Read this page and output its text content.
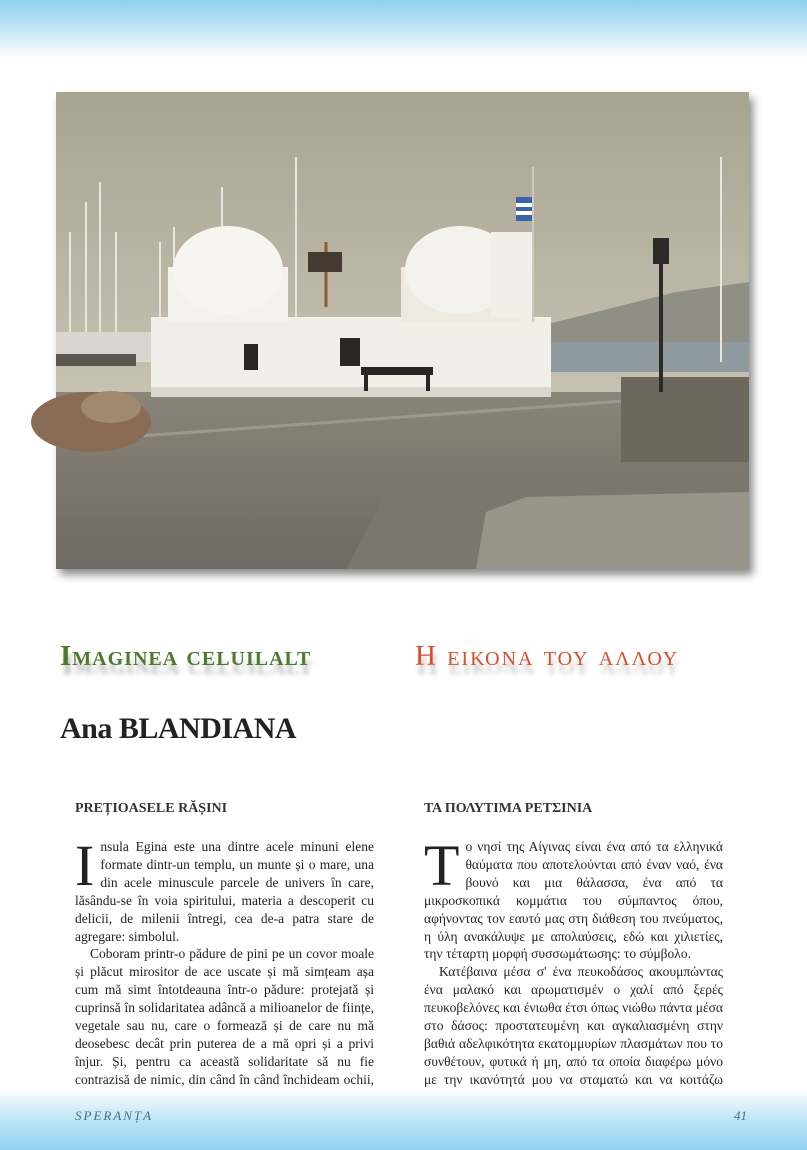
Imaginea celuilalt	Η εικονα του αλλου
Ana BLANDIANA
PREȚIOASELE RĂȘINI	ΤΑ ΠΟΛΥΤΙΜΑ ΡΕΤΣΙΝΙΑ

Insula Egina este una dintre acele minuni elene formate dintr-un templu, un munte și o mare, una din acele minuscule parcele de univers în care, lăsându-se în voia spiritului, materia a descoperit cu delicii, de milenii întregi, cea de-a patra stare de agregare: simbolul.

Coboram printr-o pădure de pini pe un covor moale și plăcut mirositor de ace uscate și mă simțeam așa cum mă simt întotdeauna într-o pădure: protejată și cuprinsă în solidaritatea adâncă a milioanelor de ființe, vegetale sau nu, care o formează și de care nu mă deosebesc decât prin puterea de a mă opri și a privi înjur. Și, pentru ca această solidaritate să nu fie contrazisă de nimic, din când în când închideam ochii,

Το νησί της Αίγινας είναι ένα από τα ελληνικά θαύματα που αποτελούνται από έναν ναό, ένα βουνό και μια θάλασσα, ένα από τα μικροσκοπικά κομμάτια του σύμπαντος όπου, αφήνοντας τον εαυτό μας στη διάθεση του πνεύματος, η ύλη ανακάλυψε με απολαύσεις, εδώ και χιλιετίες, την τέταρτη μορφή συσσωμάτωσης: το σύμβολο.

Κατέβαινα μέσα σ' ένα πευκοδάσος ακουμπώντας ένα μαλακό και αρωματισμέν ο χαλί από ξερές πευκοβελόνες και ένιωθα έτσι όπως νιώθω πάντα μέσα στο δάσος: προστατευμένη και αγκαλιασμένη στην βαθιά αδελφικότητα εκατομμυρίων πλασμάτων που το συνθέτουν, φυτικά ή μη, από τα οποία διαφέρω μόνο με την ικανότητά μου να σταματώ και να κοιτάζω

SPERANȚA	41
